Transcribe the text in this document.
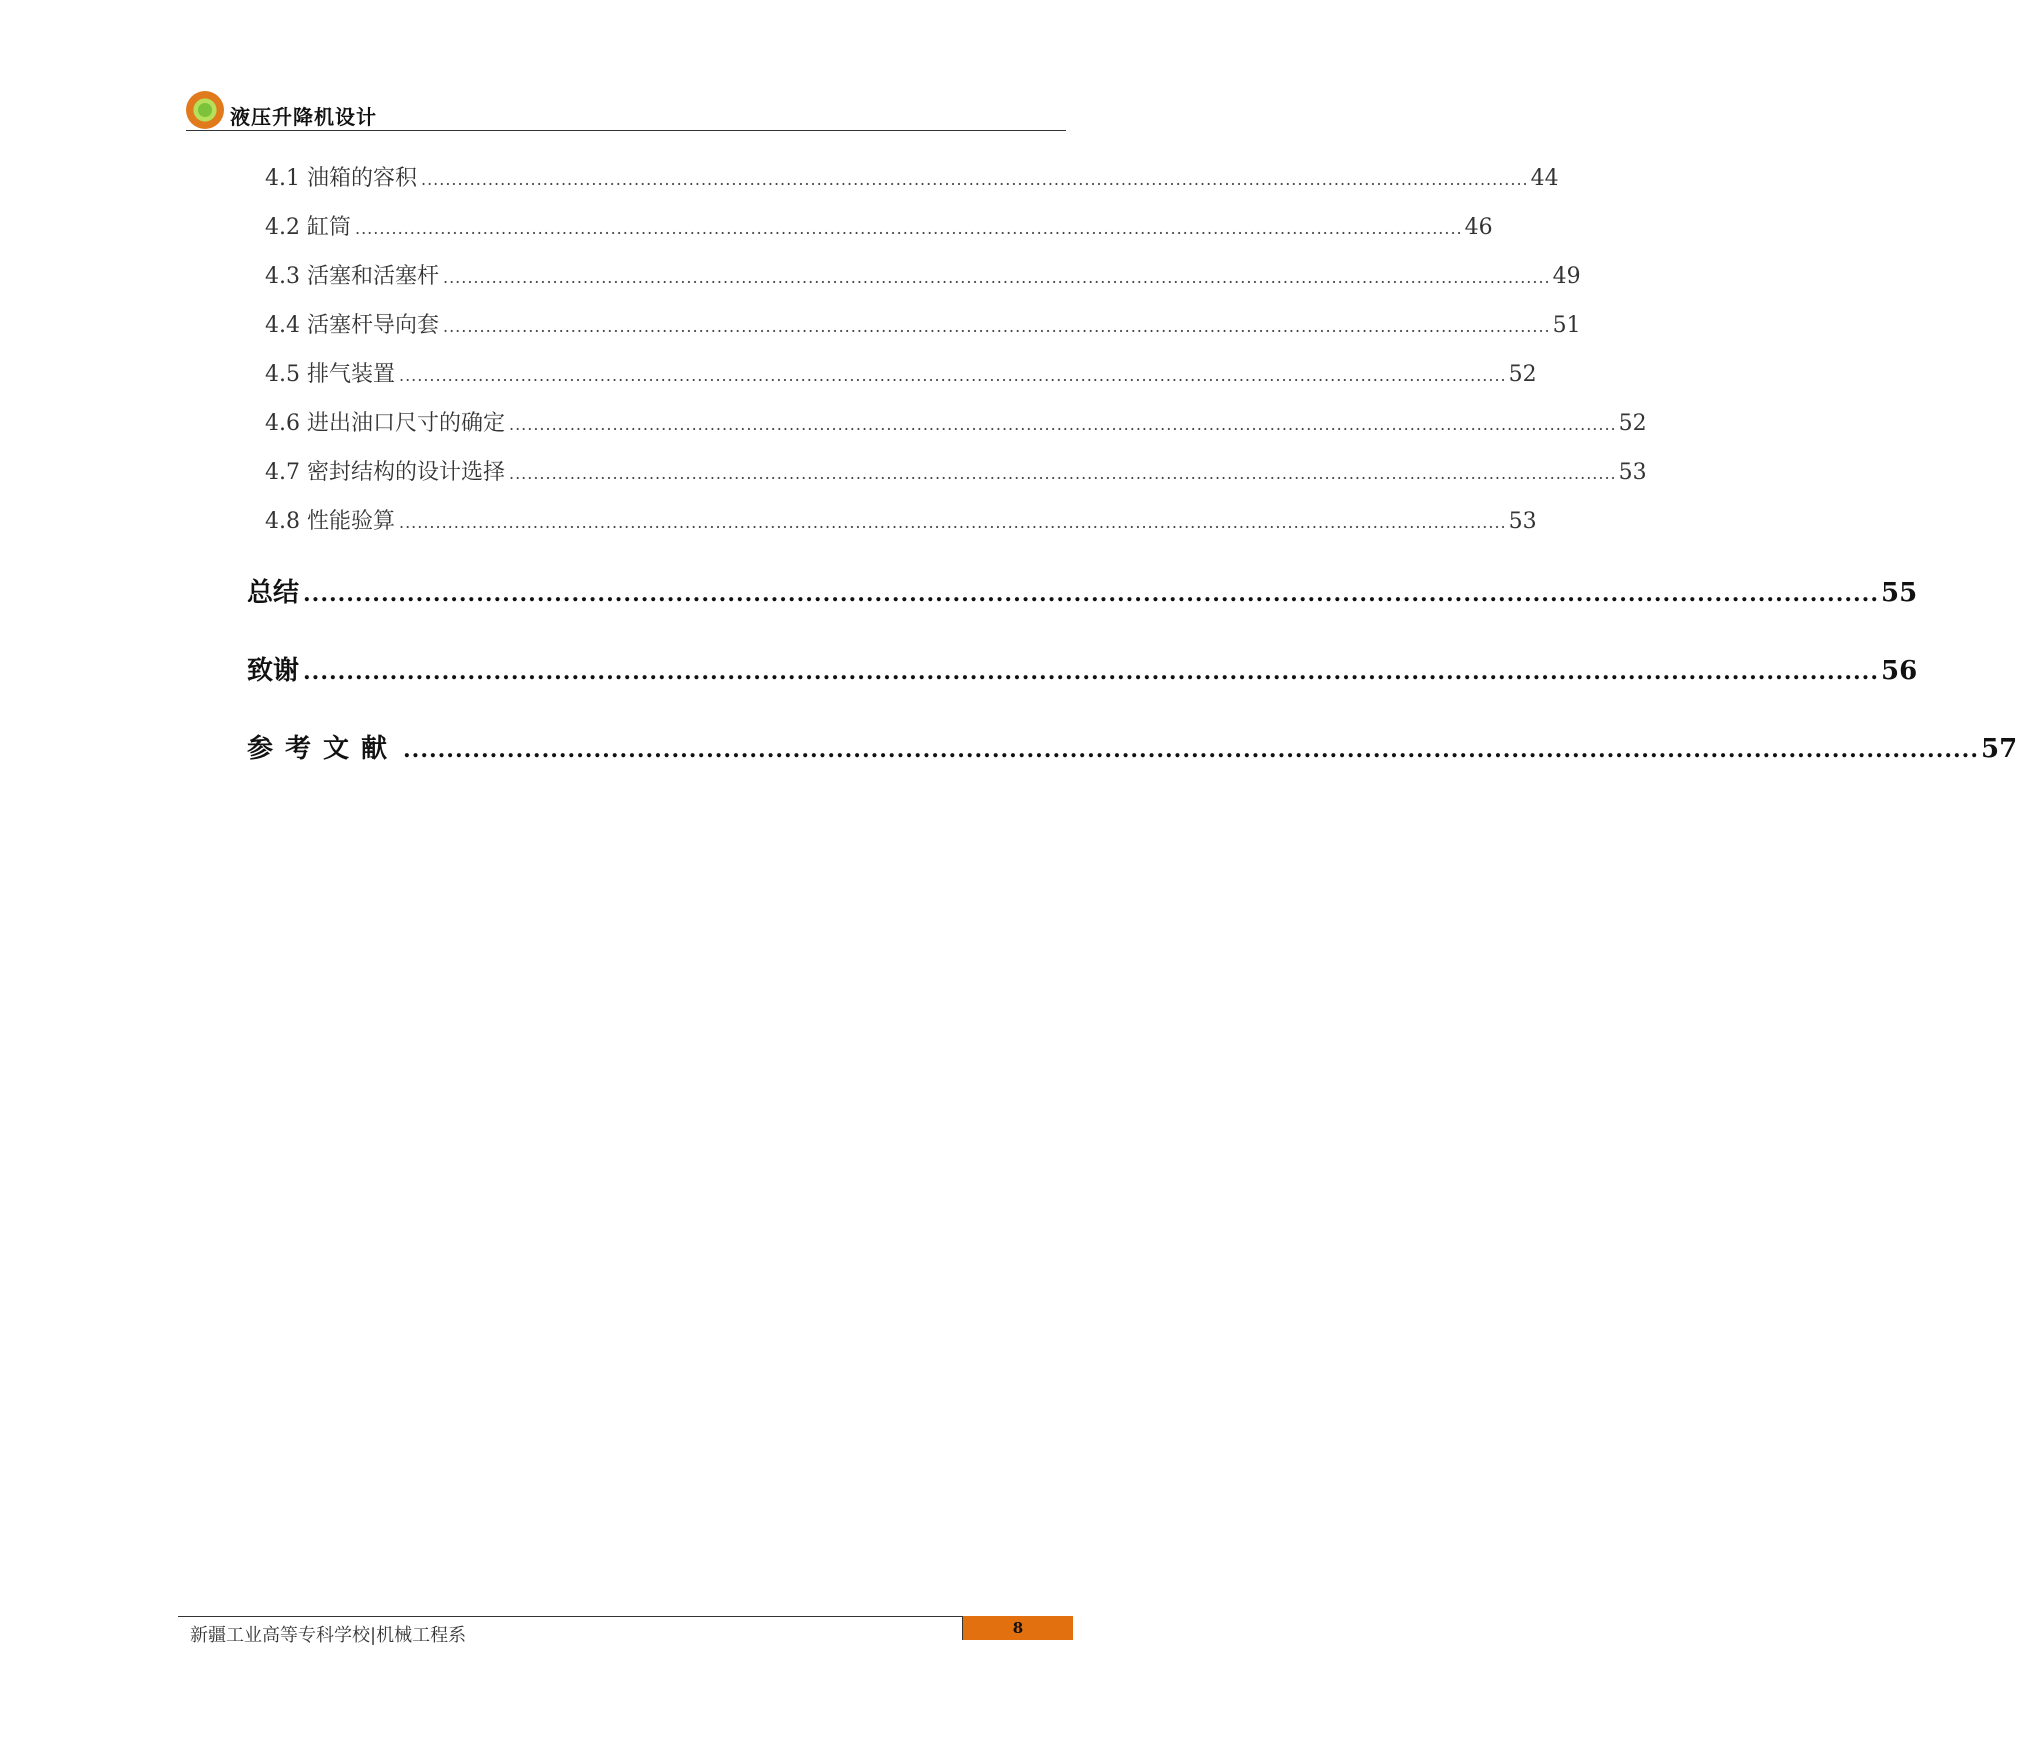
液压升降机设计
4.1 油箱的容积 ...................................................................................................................................................................................... 44
4.2 缸筒 ...................................................................................................................................................................................... 46
4.3 活塞和活塞杆 ...................................................................................................................................................................................... 49
4.4 活塞杆导向套 ...................................................................................................................................................................................... 51
4.5 排气装置 ...................................................................................................................................................................................... 52
4.6 进出油口尺寸的确定 ...................................................................................................................................................................................... 52
4.7 密封结构的设计选择 ...................................................................................................................................................................................... 53
4.8 性能验算 ...................................................................................................................................................................................... 53
总结 ...................................................................................................................................................................................... 55
致谢 ...................................................................................................................................................................................... 56
参考文献 ...................................................................................................................................................................................... 57
新疆工业高等专科学校|机械工程系	8
